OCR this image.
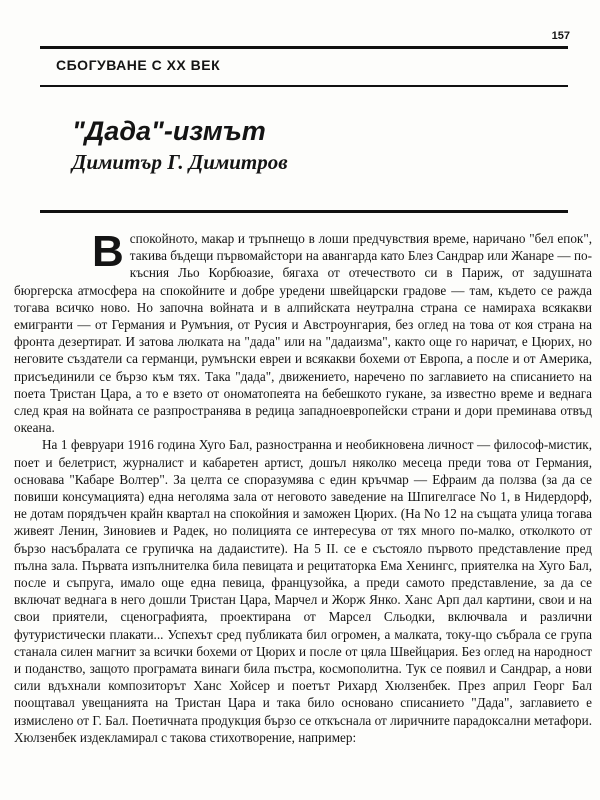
157
СБОГУВАНЕ С XX ВЕК
"Дада"-измът
Димитър Г. Димитров

В спокойното, макар и тръпнещо в лоши предчувствия време, наричано "бел епок", такива бъдещи първомайстори на авангарда като Блез Сандрар или Жанаре — по-късния Льо Корбюазие, бягаха от отечеството си в Париж, от задушната бюргерска атмосфера на спокойните и добре уредени швейцарски градове — там, където се ражда тогава всичко ново. Но започна войната и в алпийската неутрална страна се намираха всякакви емигранти — от Германия и Румъния, от Русия и Австроунгария, без оглед на това от коя страна на фронта дезертират. И затова люлката на "дада" или на "дадаизма", както още го наричат, е Цюрих, но неговите създатели са германци, румънски евреи и всякакви бохеми от Европа, а после и от Америка, присъединили се бързо към тях. Така "дада", движението, наречено по заглавието на списанието на поета Тристан Цара, а то е взето от ономатопеята на бебешкото гукане, за известно време и веднага след края на войната се разпространява в редица западноевропейски страни и дори преминава отвъд океана.

На 1 февруари 1916 година Хуго Бал, разностранна и необикновена личност — философ-мистик, поет и белетрист, журналист и кабаретен артист, дошъл няколко месеца преди това от Германия, основава "Кабаре Волтер". За целта се споразумява с един кръчмар — Ефраим да ползва (за да се повиши консумацията) една неголяма зала от неговото заведение на Шпигелгасе No 1, в Нидердорф, не дотам порядъчен крайн квартал на спокойния и заможен Цюрих. (На No 12 на същата улица тогава живеят Ленин, Зиновиев и Радек, но полицията се интересува от тях много по-малко, отколкото от бързо насъбралата се групичка на дадаистите). На 5 II. се е състояло първото представление пред пълна зала. Първата изпълнителка била певицата и рецитаторка Ема Хенингс, приятелка на Хуго Бал, после и съпруга, имало още една певица, французойка, а преди самото представление, за да се включат веднага в него дошли Тристан Цара, Марчел и Жорж Янко. Ханс Арп дал картини, свои и на свои приятели, сценографията, проектирана от Марсел Сльодки, включвала и различни футуристически плакати... Успехът сред публиката бил огромен, а малката, току-що събрала се група станала силен магнит за всички бохеми от Цюрих и после от цяла Швейцария. Без оглед на народност и поданство, защото програмата винаги била пъстра, космополитна. Тук се появил и Сандрар, а нови сили вдъхнали композиторът Ханс Хойсер и поетът Рихард Хюлзенбек. През април Георг Бал поощтавал увещанията на Тристан Цара и така било основано списанието "Дада", заглавието е измислено от Г. Бал. Поетичната продукция бързо се откъснала от лиричните парадоксални метафори. Хюлзенбек издекламирал с такова стихотворение, например:
